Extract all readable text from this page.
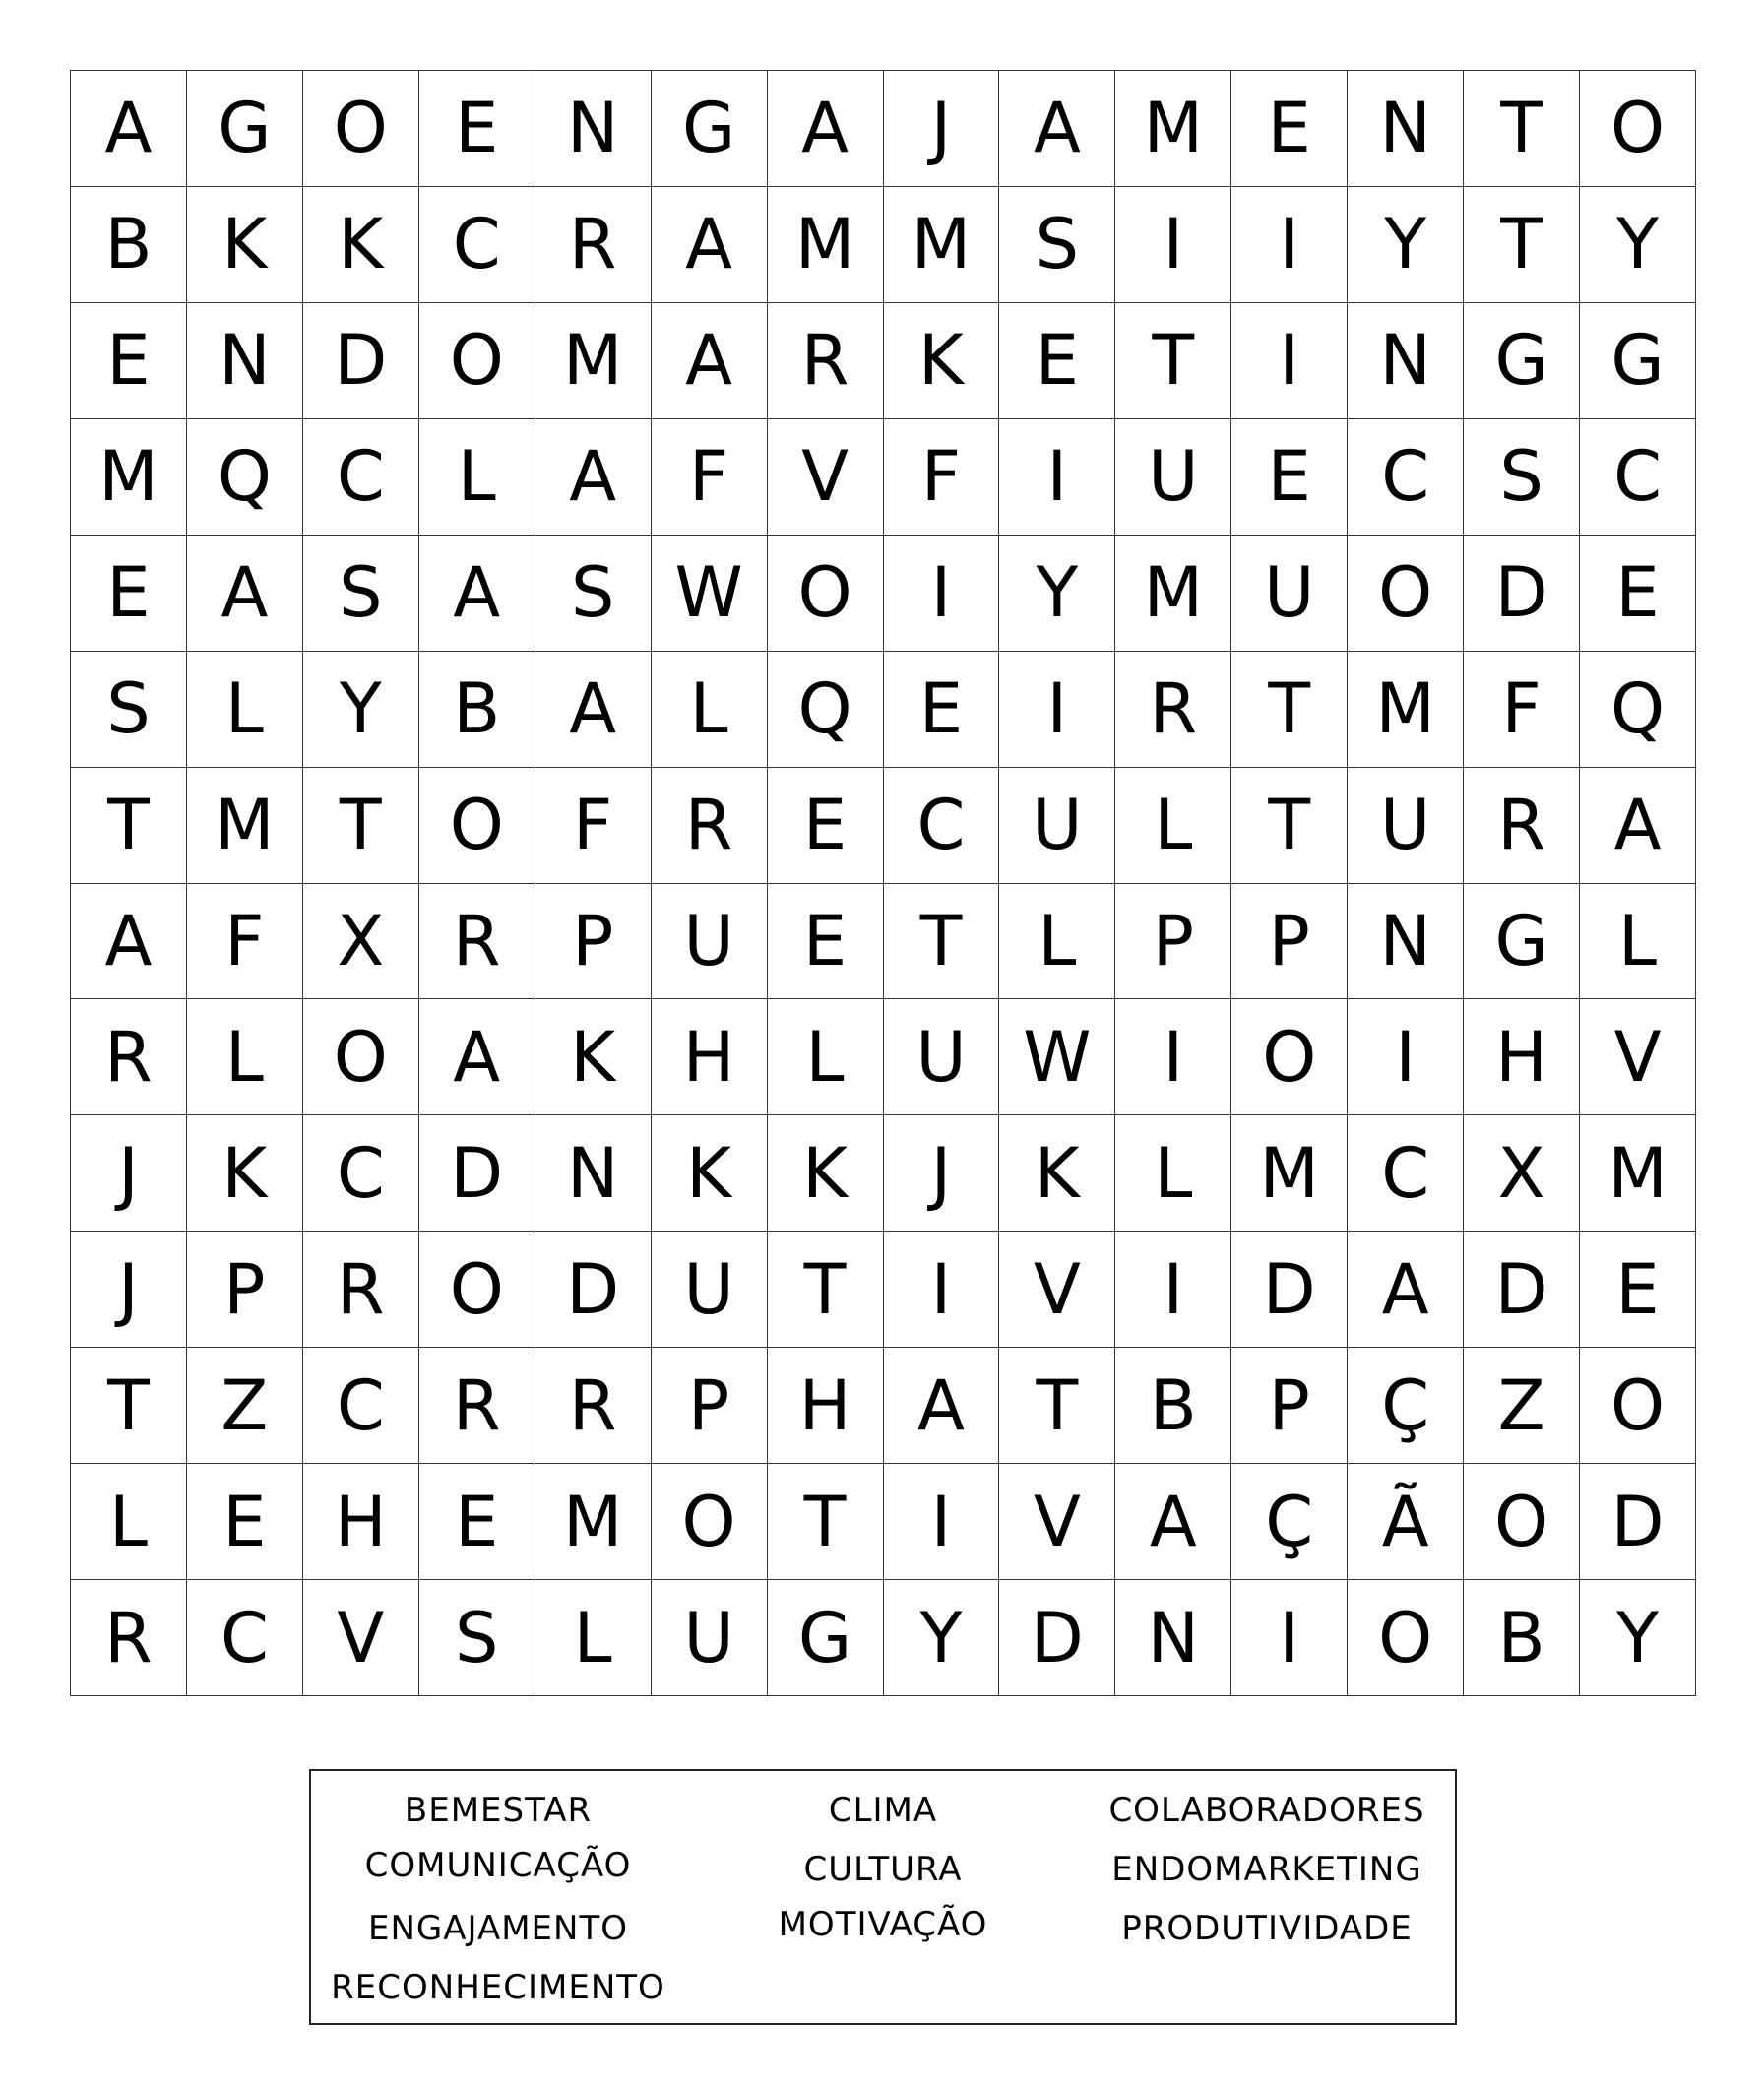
A G O E N G A	J	A M E N	T O
B	K	K	C R A M M S	I	I	Y	T	Y
E N D O M A R	K	E	T	I	N G G
M Q C	L	A	F	V	F	I	U	E	C	S	C
E	A	S	A	S W O	I	Y M U O D E
S	L	Y	B A	L	Q E	I	R	T M F	Q
T M T O	F	R	E	C U	L	T	U R A
A	F	X R	P	U	E	T	L	P	P	N G	L
R	L	O A	K H	L	U W	I	O	I	H V
J	K	C D N K	K	J	K	L M C X M
J	P	R O D U	T	I	V	I	D A D E
T	Z C R R	P	H A	T	B	P	Ç Z O
L	E H E M O T	I	V	A Ç Ã O D
R C V	S	L	U G Y D N	I	O B	Y
BEMESTAR
COMUNICAÇÃO
ENGAJAMENTO
RECONHECIMENTO
CLIMA
CULTURA
MOTIVAÇÃO
COLABORADORES
ENDOMARKETING
PRODUTIVIDADE
